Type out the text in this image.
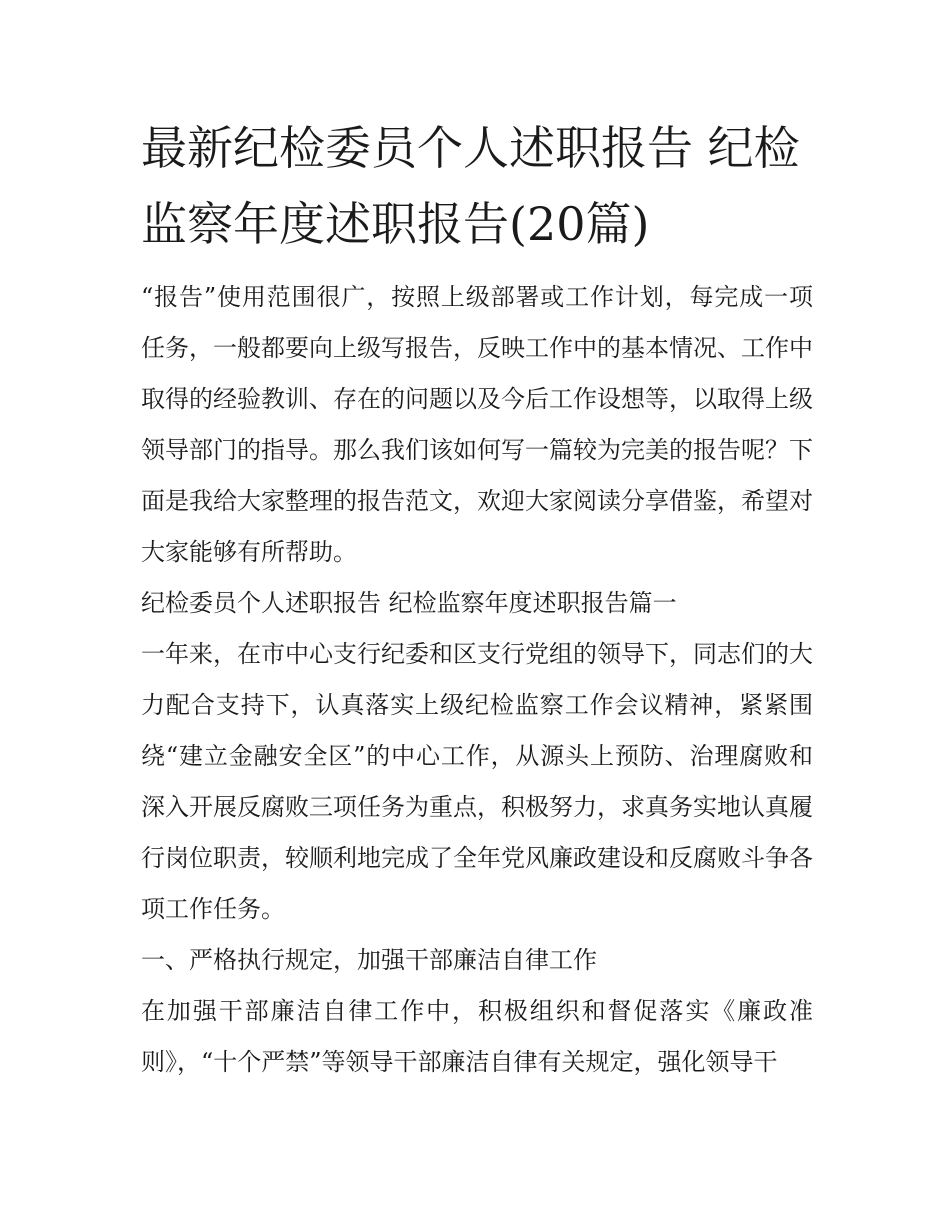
最新纪检委员个人述职报告 纪检监察年度述职报告(20篇)

“报告”使用范围很广，按照上级部署或工作计划，每完成一项任务，一般都要向上级写报告，反映工作中的基本情况、工作中取得的经验教训、存在的问题以及今后工作设想等，以取得上级领导部门的指导。那么我们该如何写一篇较为完美的报告呢？下面是我给大家整理的报告范文，欢迎大家阅读分享借鉴，希望对大家能够有所帮助。

纪检委员个人述职报告 纪检监察年度述职报告篇一

一年来，在市中心支行纪委和区支行党组的领导下，同志们的大力配合支持下，认真落实上级纪检监察工作会议精神，紧紧围绕“建立金融安全区”的中心工作，从源头上预防、治理腐败和深入开展反腐败三项任务为重点，积极努力，求真务实地认真履行岗位职责，较顺利地完成了全年党风廉政建设和反腐败斗争各项工作任务。

一、严格执行规定，加强干部廉洁自律工作

在加强干部廉洁自律工作中，积极组织和督促落实《廉政准则》，“十个严禁”等领导干部廉洁自律有关规定，强化领导干
